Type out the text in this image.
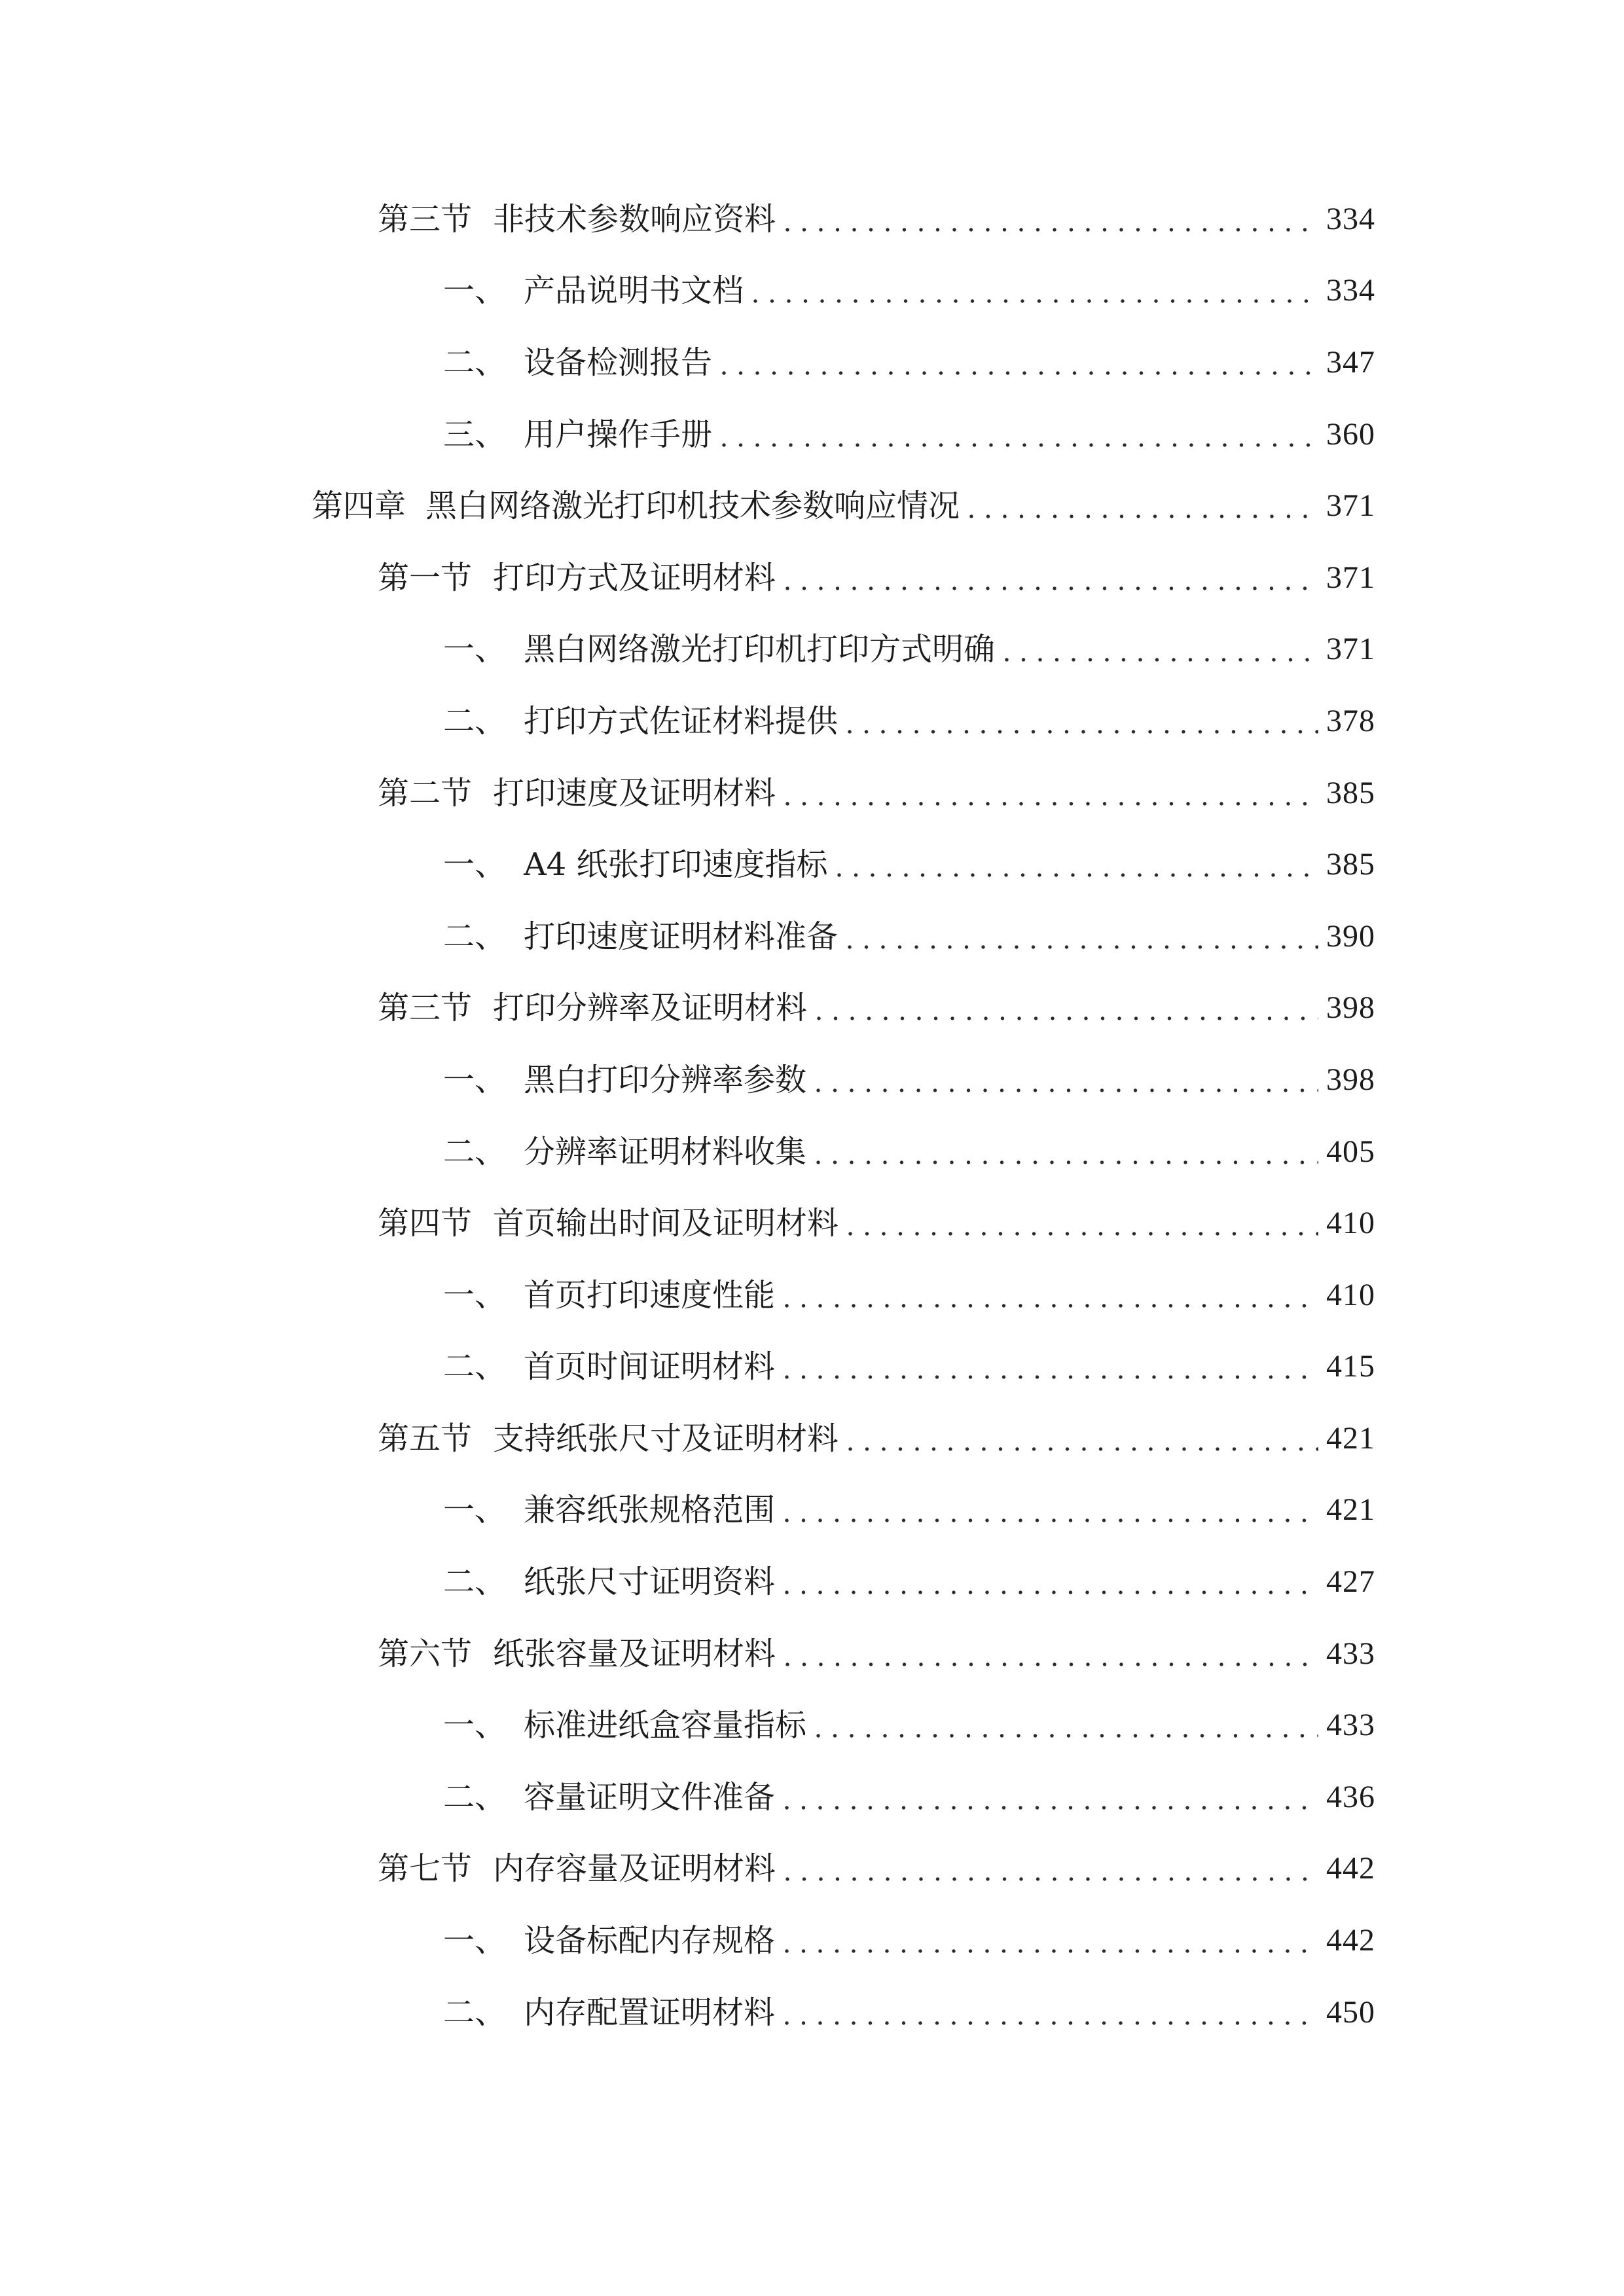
第三节 非技术参数响应资料	334
一、 产品说明书文档	334
二、 设备检测报告	347
三、 用户操作手册	360
第四章 黑白网络激光打印机技术参数响应情况	371
第一节 打印方式及证明材料	371
一、 黑白网络激光打印机打印方式明确	371
二、 打印方式佐证材料提供	378
第二节 打印速度及证明材料	385
一、 A4 纸张打印速度指标	385
二、 打印速度证明材料准备	390
第三节 打印分辨率及证明材料	398
一、 黑白打印分辨率参数	398
二、 分辨率证明材料收集	405
第四节 首页输出时间及证明材料	410
一、 首页打印速度性能	410
二、 首页时间证明材料	415
第五节 支持纸张尺寸及证明材料	421
一、 兼容纸张规格范围	421
二、 纸张尺寸证明资料	427
第六节 纸张容量及证明材料	433
一、 标准进纸盒容量指标	433
二、 容量证明文件准备	436
第七节 内存容量及证明材料	442
一、 设备标配内存规格	442
二、 内存配置证明材料	450
